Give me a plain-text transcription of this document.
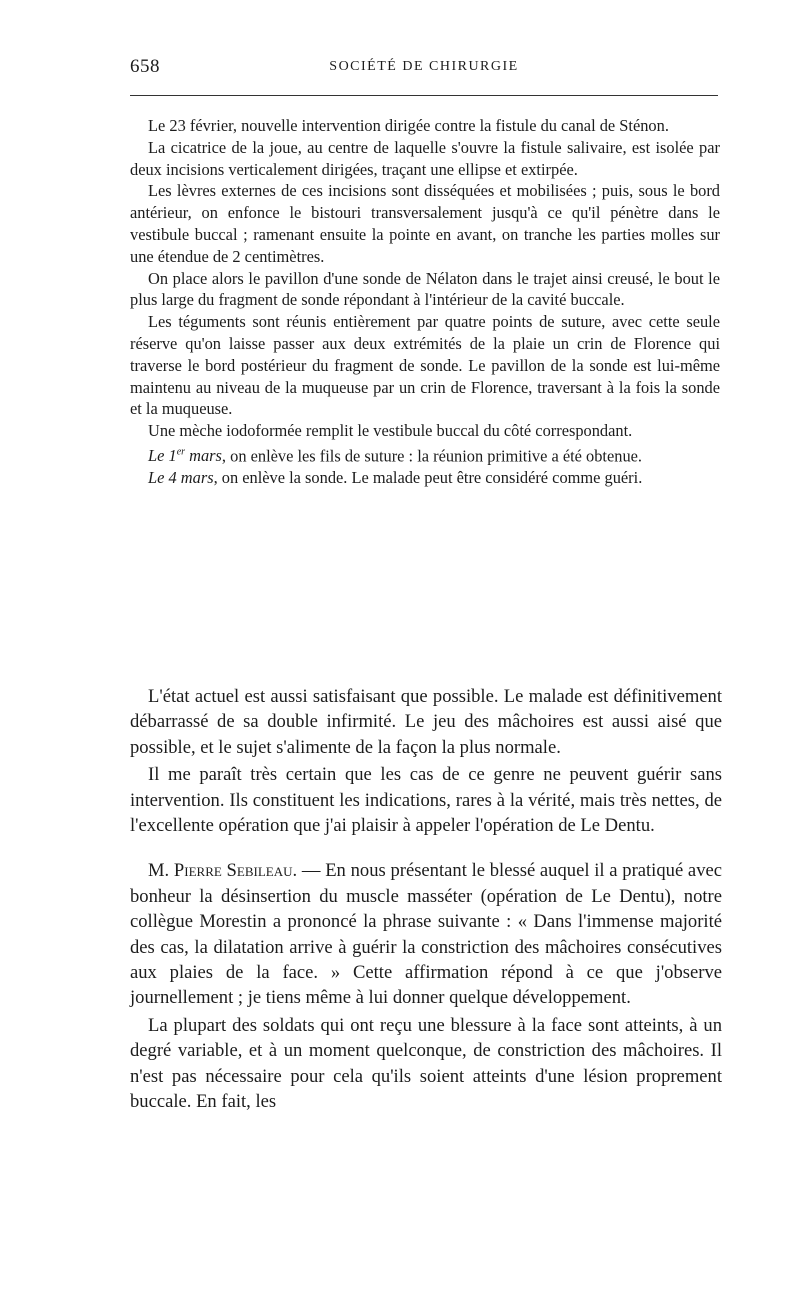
658	SOCIÉTÉ DE CHIRURGIE

Le 23 février, nouvelle intervention dirigée contre la fistule du canal de Sténon.

La cicatrice de la joue, au centre de laquelle s'ouvre la fistule salivaire, est isolée par deux incisions verticalement dirigées, traçant une ellipse et extirpée.

Les lèvres externes de ces incisions sont disséquées et mobilisées ; puis, sous le bord antérieur, on enfonce le bistouri transversalement jusqu'à ce qu'il pénètre dans le vestibule buccal ; ramenant ensuite la pointe en avant, on tranche les parties molles sur une étendue de 2 centimètres.

On place alors le pavillon d'une sonde de Nélaton dans le trajet ainsi creusé, le bout le plus large du fragment de sonde répondant à l'intérieur de la cavité buccale.

Les téguments sont réunis entièrement par quatre points de suture, avec cette seule réserve qu'on laisse passer aux deux extrémités de la plaie un crin de Florence qui traverse le bord postérieur du fragment de sonde. Le pavillon de la sonde est lui-même maintenu au niveau de la muqueuse par un crin de Florence, traversant à la fois la sonde et la muqueuse.

Une mèche iodoformée remplit le vestibule buccal du côté correspondant.

Le 1er mars, on enlève les fils de suture : la réunion primitive a été obtenue.

Le 4 mars, on enlève la sonde. Le malade peut être considéré comme guéri.

L'état actuel est aussi satisfaisant que possible. Le malade est définitivement débarrassé de sa double infirmité. Le jeu des mâchoires est aussi aisé que possible, et le sujet s'alimente de la façon la plus normale.

Il me paraît très certain que les cas de ce genre ne peuvent guérir sans intervention. Ils constituent les indications, rares à la vérité, mais très nettes, de l'excellente opération que j'ai plaisir à appeler l'opération de Le Dentu.

M. Pierre Sebileau. — En nous présentant le blessé auquel il a pratiqué avec bonheur la désinsertion du muscle masséter (opération de Le Dentu), notre collègue Morestin a prononcé la phrase suivante : « Dans l'immense majorité des cas, la dilatation arrive à guérir la constriction des mâchoires consécutives aux plaies de la face. » Cette affirmation répond à ce que j'observe journellement ; je tiens même à lui donner quelque développement.

La plupart des soldats qui ont reçu une blessure à la face sont atteints, à un degré variable, et à un moment quelconque, de constriction des mâchoires. Il n'est pas nécessaire pour cela qu'ils soient atteints d'une lésion proprement buccale. En fait, les
